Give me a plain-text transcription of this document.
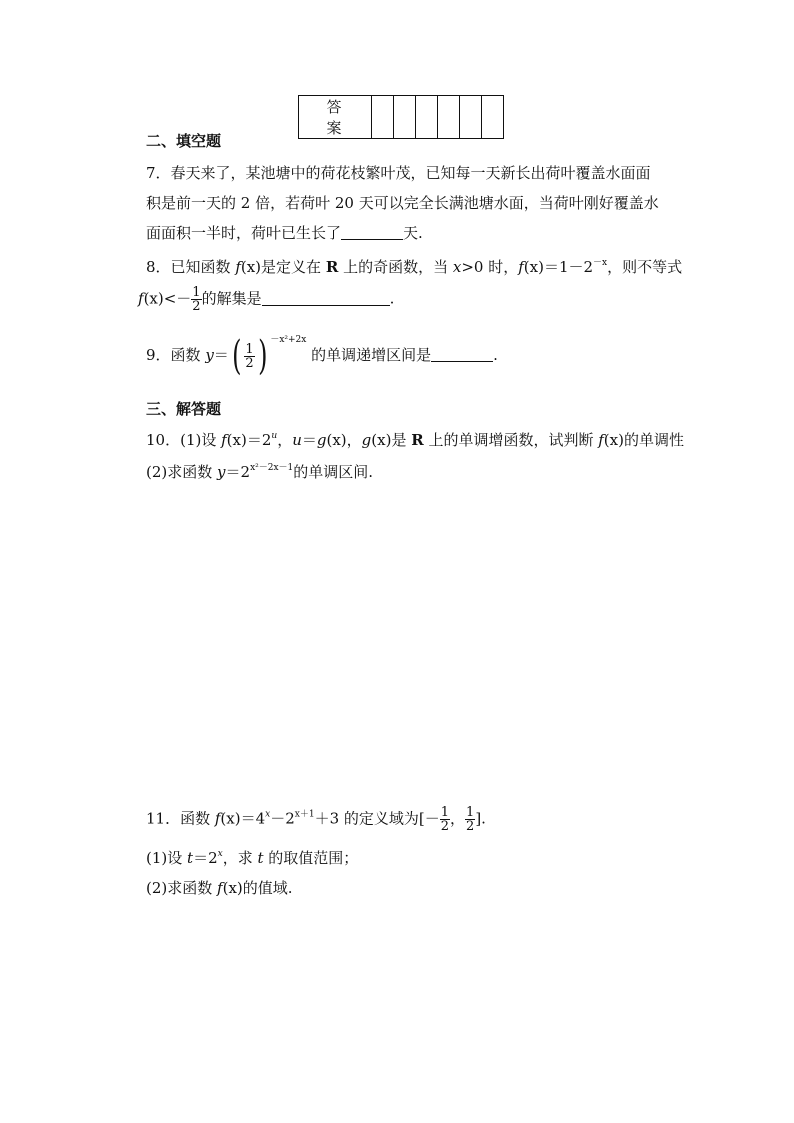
答 案						
二、填空题
7．春天来了，某池塘中的荷花枝繁叶茂，已知每一天新长出荷叶覆盖水面面
积是前一天的 2 倍，若荷叶 20 天可以完全长满池塘水面，当荷叶刚好覆盖水
面面积一半时，荷叶已生长了	天.
8．已知函数 f(x)是定义在 R 上的奇函数，当 x>0 时，$f(x)=1-2^{-x}$，则不等式
$f(x)<- \frac{1}{2}$ 的解集是	.
9．函数 y＝ ( $\frac{1}{2}$ ) $^{-x^2+2x}$ 的单调递增区间是	.
三、解答题
10．(1)设 $f(x)=2^u$，u＝g(x)，g(x)是 R 上的单调增函数，试判断 f(x)的单调性
(2)求函数 $y=2^{x^2-2x-1}$的单调区间.
11．函数 $f(x)=4^x-2^{x+1}+3$ 的定义域为[－ $\frac{1}{2}$ ， $\frac{1}{2}$ ].
(1)设 $t=2^x$，求 t 的取值范围；
(2)求函数 f(x)的值域.
